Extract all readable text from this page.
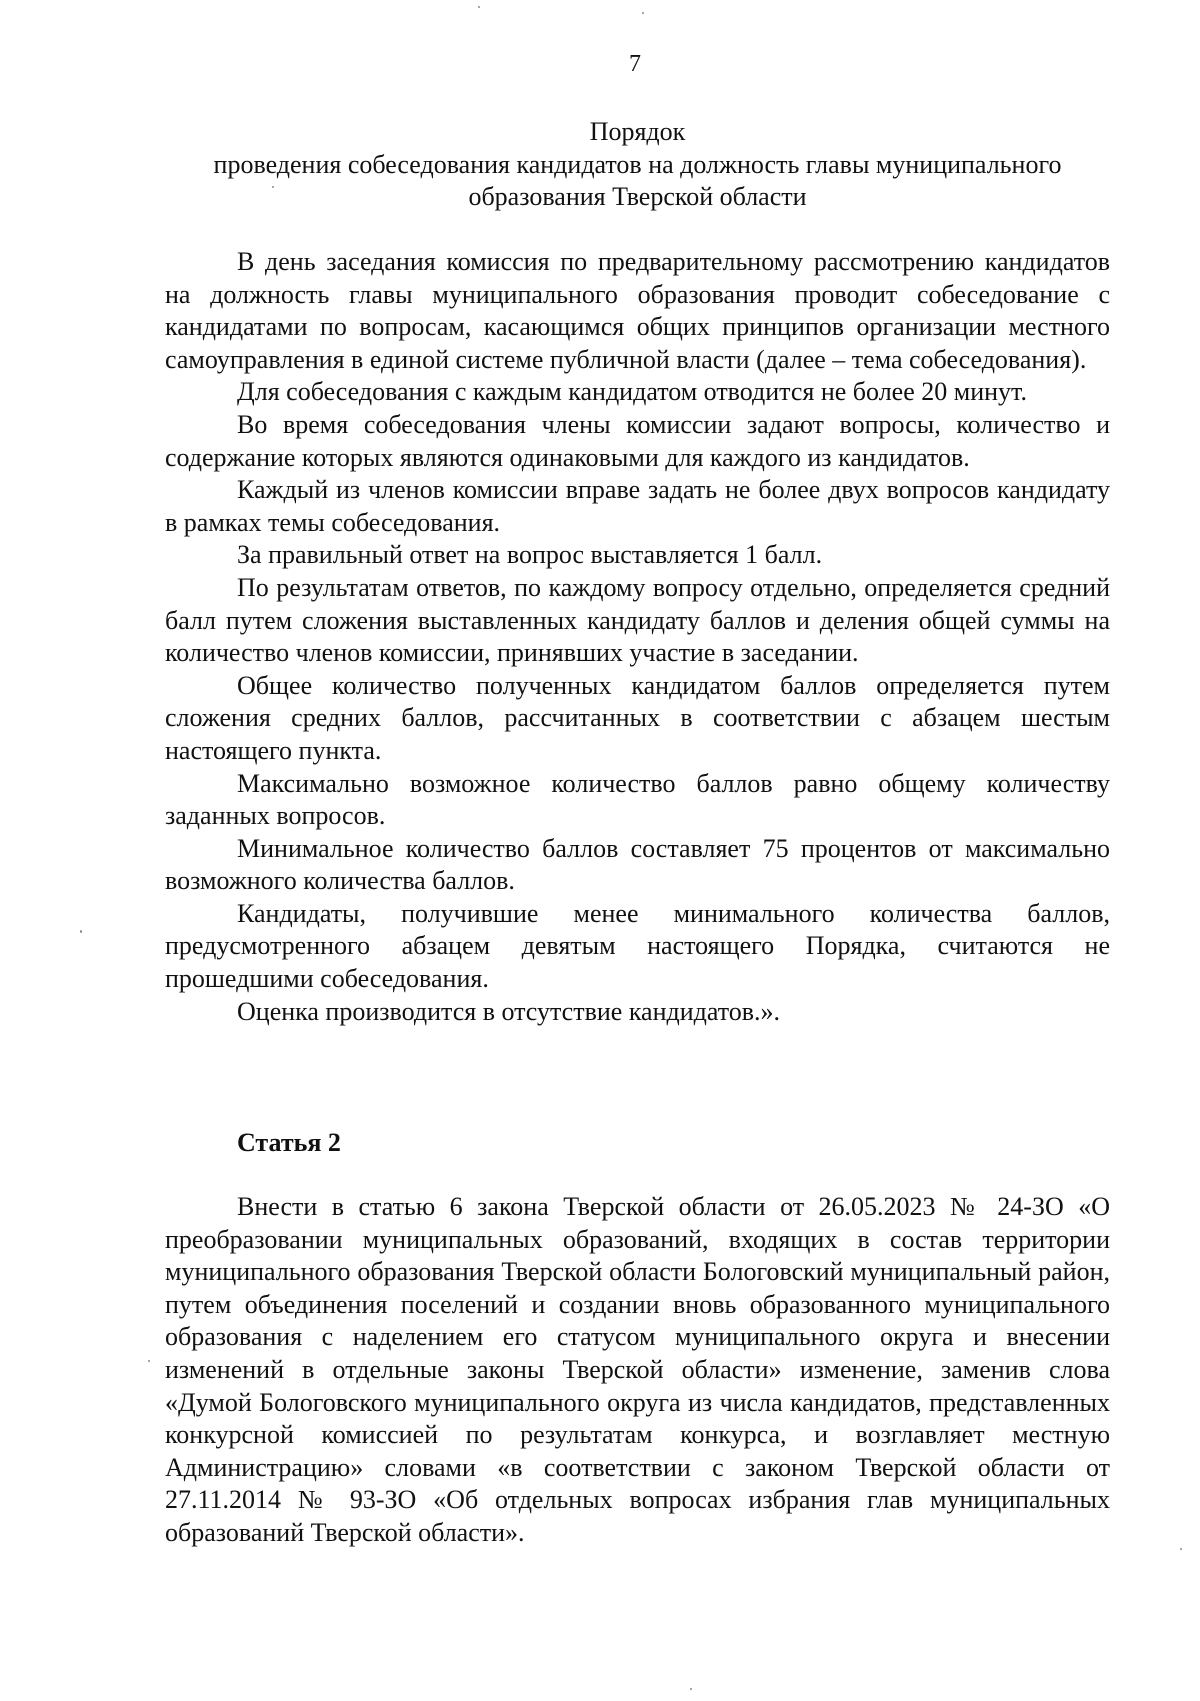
7
Порядок
проведения собеседования кандидатов на должность главы муниципального
образования Тверской области

В день заседания комиссия по предварительному рассмотрению кандидатов на должность главы муниципального образования проводит собеседование с кандидатами по вопросам, касающимся общих принципов организации местного самоуправления в единой системе публичной власти (далее – тема собеседования).

Для собеседования с каждым кандидатом отводится не более 20 минут.

Во время собеседования члены комиссии задают вопросы, количество и содержание которых являются одинаковыми для каждого из кандидатов.

Каждый из членов комиссии вправе задать не более двух вопросов кандидату в рамках темы собеседования.

За правильный ответ на вопрос выставляется 1 балл.

По результатам ответов, по каждому вопросу отдельно, определяется средний балл путем сложения выставленных кандидату баллов и деления общей суммы на количество членов комиссии, принявших участие в заседании.

Общее количество полученных кандидатом баллов определяется путем сложения средних баллов, рассчитанных в соответствии с абзацем шестым настоящего пункта.

Максимально возможное количество баллов равно общему количеству заданных вопросов.

Минимальное количество баллов составляет 75 процентов от максимально возможного количества баллов.

Кандидаты, получившие менее минимального количества баллов, предусмотренного абзацем девятым настоящего Порядка, считаются не прошедшими собеседования.

Оценка производится в отсутствие кандидатов.».

Статья 2

Внести в статью 6 закона Тверской области от 26.05.2023 № 24-ЗО «О преобразовании муниципальных образований, входящих в состав территории муниципального образования Тверской области Бологовский муниципальный район, путем объединения поселений и создании вновь образованного муниципального образования с наделением его статусом муниципального округа и внесении изменений в отдельные законы Тверской области» изменение, заменив слова «Думой Бологовского муниципального округа из числа кандидатов, представленных конкурсной комиссией по результатам конкурса, и возглавляет местную Администрацию» словами «в соответствии с законом Тверской области от 27.11.2014 № 93-ЗО «Об отдельных вопросах избрания глав муниципальных образований Тверской области».
